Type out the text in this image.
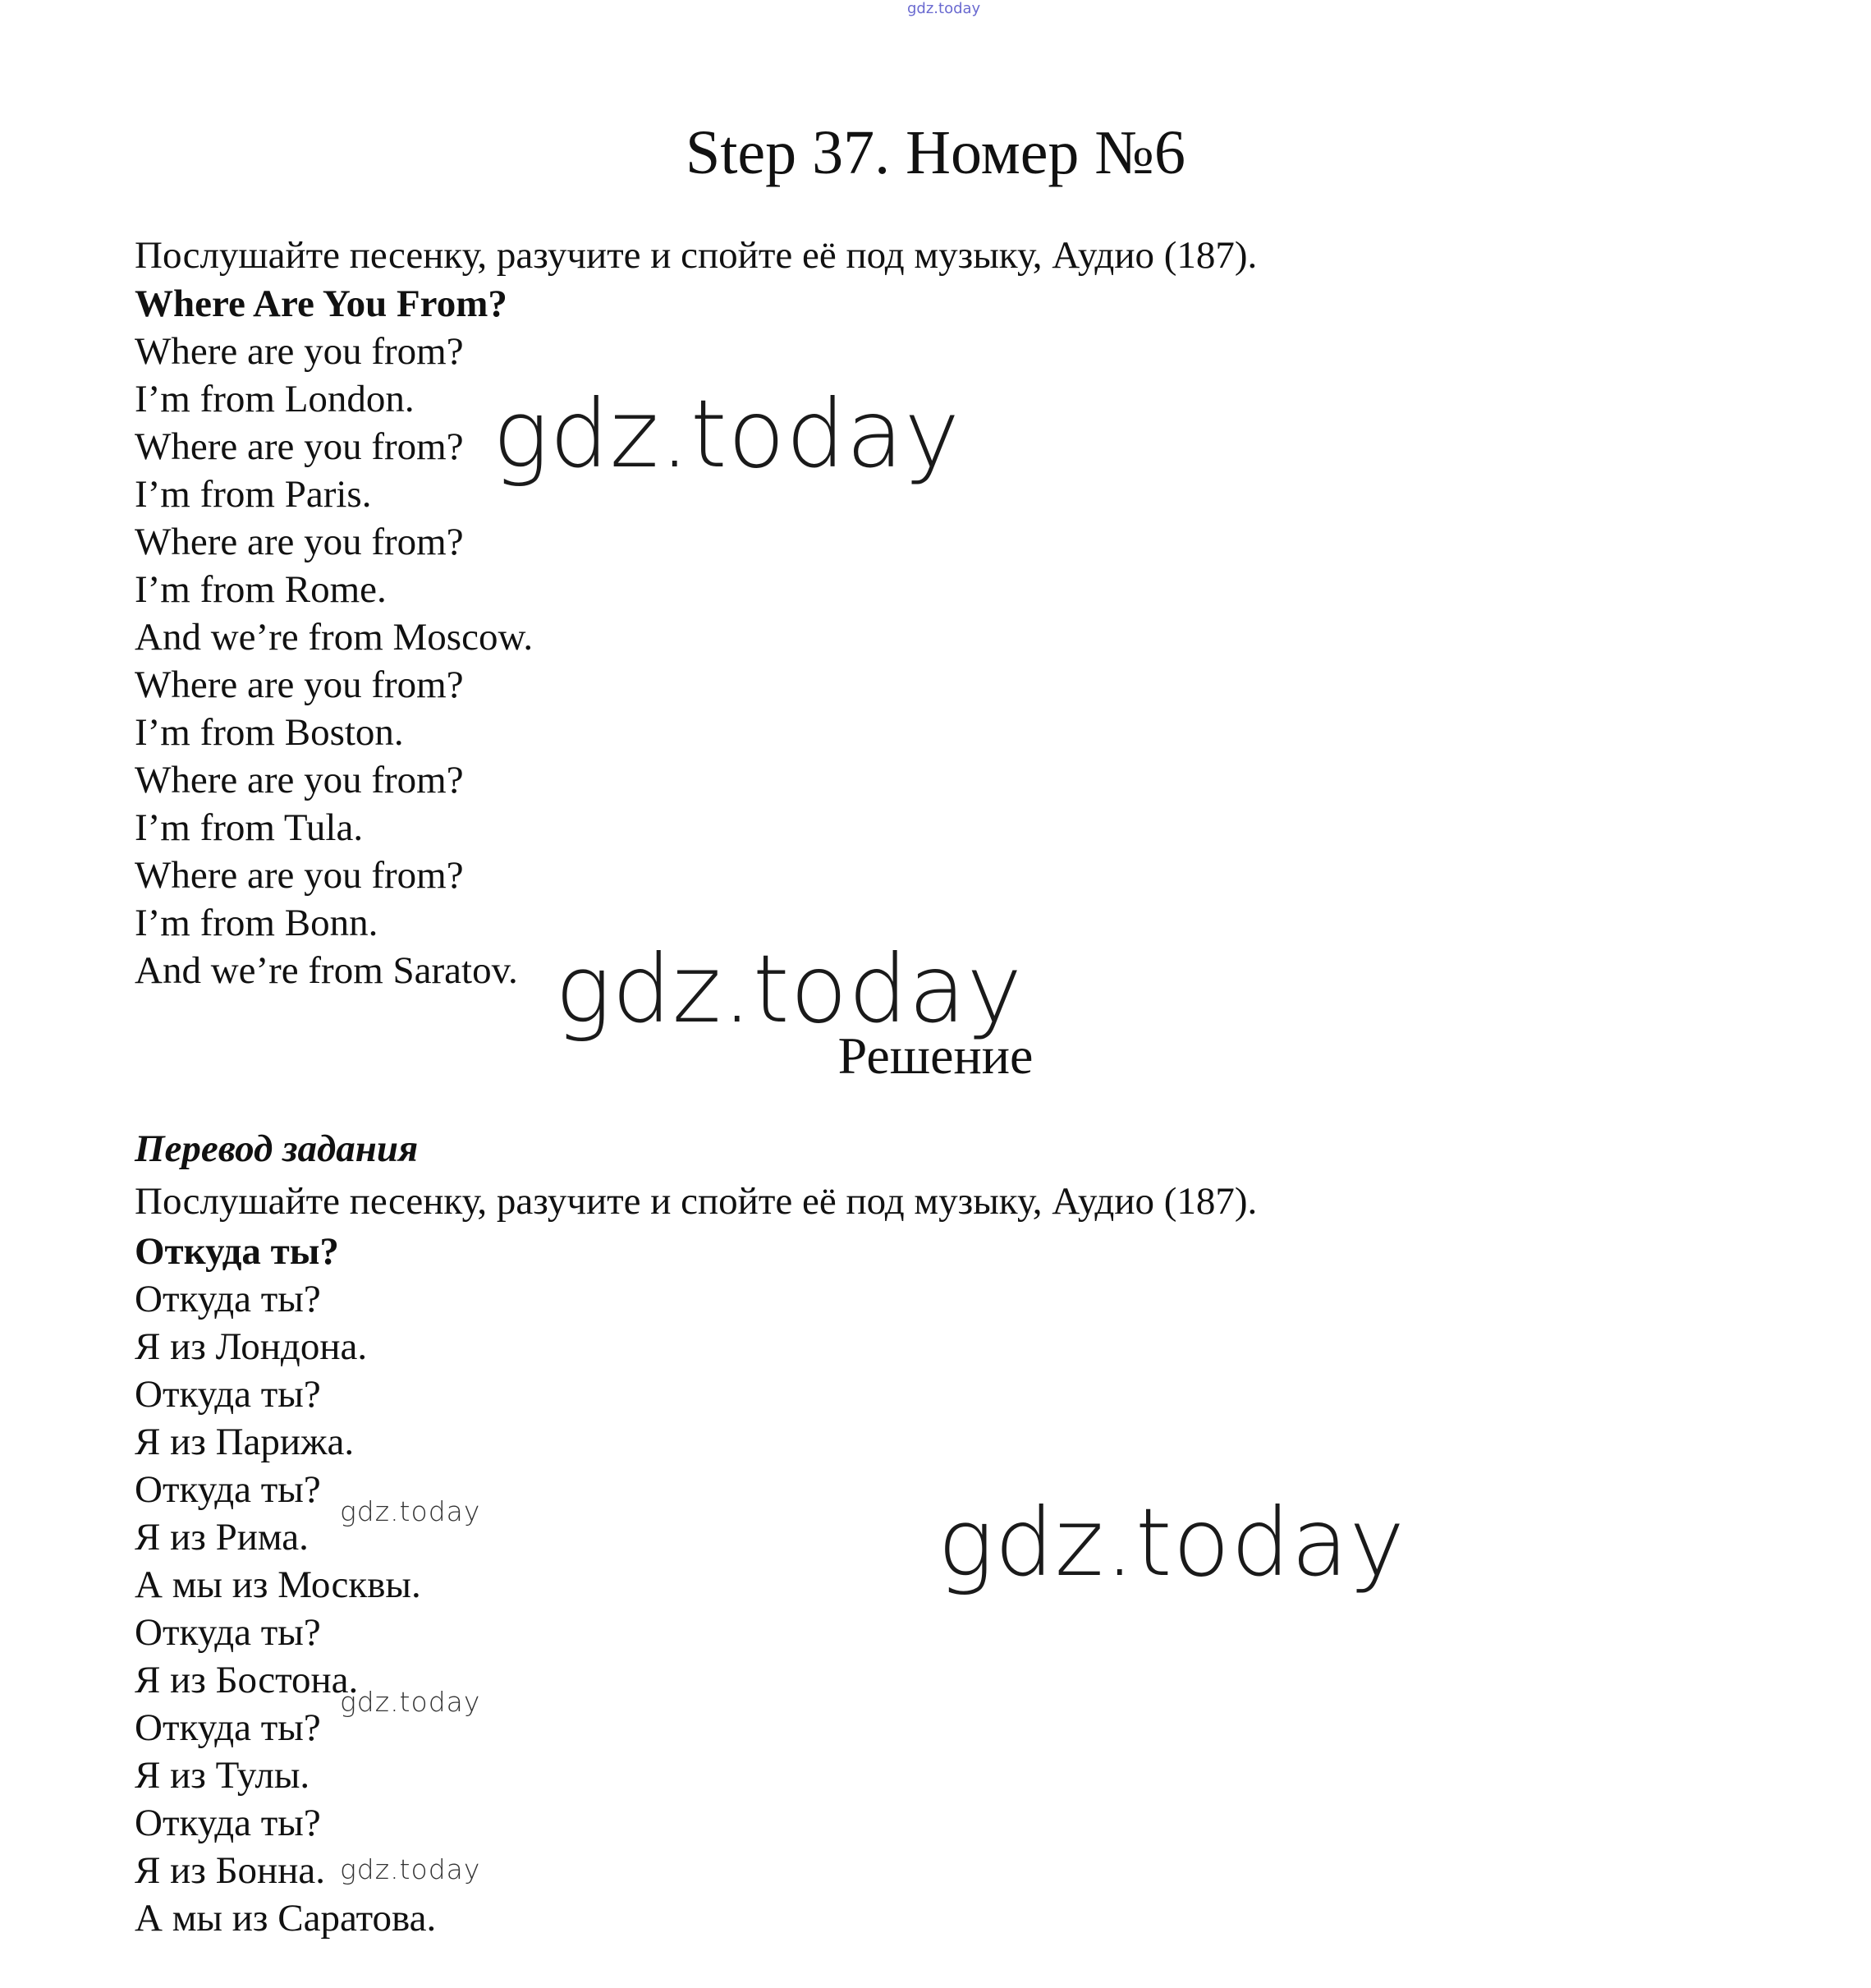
gdz.today
Step 37. Номер №6
Послушайте песенку, разучите и спойте её под музыку, Аудио (187).
Where Are You From?
Where are you from?
I’m from London.
Where are you from?
I’m from Paris.
Where are you from?
I’m from Rome.
And we’re from Moscow.
Where are you from?
I’m from Boston.
Where are you from?
I’m from Tula.
Where are you from?
I’m from Bonn.
And we’re from Saratov.
Решение
Перевод задания
Послушайте песенку, разучите и спойте её под музыку, Аудио (187).
Откуда ты?
Откуда ты?
Я из Лондона.
Откуда ты?
Я из Парижа.
Откуда ты?
Я из Рима.
А мы из Москвы.
Откуда ты?
Я из Бостона.
Откуда ты?
Я из Тулы.
Откуда ты?
Я из Бонна.
А мы из Саратова.
gdz.today
gdz.today
gdz.today
gdz.today
gdz.today
gdz.today
